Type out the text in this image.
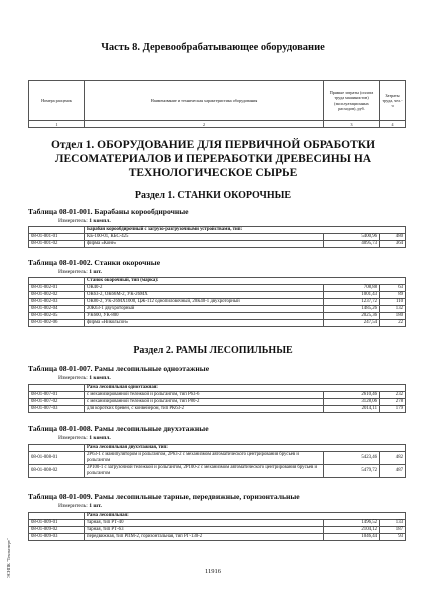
Часть 8. Деревообрабатывающее оборудование
Номера расценок	Наименование и техническая характеристика оборудования	Прямые затраты (оплата труда машинистов) (эксплуатационных расходов), руб.	Затраты труда, чел.-ч
1	2	3	4
Отдел 1. ОБОРУДОВАНИЕ ДЛЯ ПЕРВИЧНОЙ ОБРАБОТКИ ЛЕСОМАТЕРИАЛОВ И ПЕРЕРАБОТКИ ДРЕВЕСИНЫ НА ТЕХНОЛОГИЧЕСКОЕ СЫРЬЕ
Раздел 1. СТАНКИ ОКОРОЧНЫЕ
Таблица 08-01-001. Барабаны корообдирочные
Измеритель: 1 компл.
	Барабан корообдирочный с загрузо-разгрузочными устройствами, тип:		
08-01-001-01	КБ-100-01, КБС-425	5400,96	480
08-01-001-02	фирма «Коне»	4095,73	364
Таблица 08-01-002. Станки окорочные
Измеритель: 1 шт.
	Станок окорочный, тип (марка):		
08-01-002-01	ОК40-2	708,88	63
08-01-002-02	ОК63-2, ОК66М-2, УК-26МХ	1001,43	89
08-01-002-03	ОК80-2, УК-26МХ1000, ЦЖ-112 однопиловочный, 20К40-1 двухроторный	1237,72	110
08-01-002-04	20К63-1 двухроторный	1485,26	132
08-01-002-05	УК600, УК-800	2025,36	180
08-01-002-06	фирма «Никольсон»	247,54	22
Раздел 2. РАМЫ ЛЕСОПИЛЬНЫЕ
Таблица 08-01-007. Рамы лесопильные одноэтажные
Измеритель: 1 компл.
	Рама лесопильная одноэтажная:		
08-01-007-01	с механизированной тележкой и рольгангом, тип Р63-6	2610,46	232
08-01-007-02	с механизированной тележкой и рольгангом, тип Р80-2	3128,06	278
08-01-007-03	для коротких бревен, с конвейером, тип РК63-2	2014,11	179
Таблица 08-01-008. Рамы лесопильные двухэтажные
Измеритель: 1 компл.
	Рама лесопильная двухэтажная, тип:		
08-01-008-01	2Р63-1 с манипулятором и рольгангом, 2Р63-2 с механизмом автоматического центрирования брусьев и рольгангом	5423,46	482
08-01-008-02	2Р100-1 с загрузочной тележкой и рольгангом, 2Р100-2 с механизмом автоматического центрирования брусьев и рольгангом	5479,72	487
Таблица 08-01-009. Рамы лесопильные тарные, передвижные, горизонтальные
Измеритель: 1 шт.
	Рама лесопильная:		
08-01-009-01	тарная, тип РТ-40	1496,52	133
08-01-009-02	тарная, тип РТ-63	2104,12	187
08-01-009-03	передвижная, тип РПМ-2, горизонтальная, тип РГ-130-2	1046,44	93
11916
ЭСНПК "Техэксперт"
